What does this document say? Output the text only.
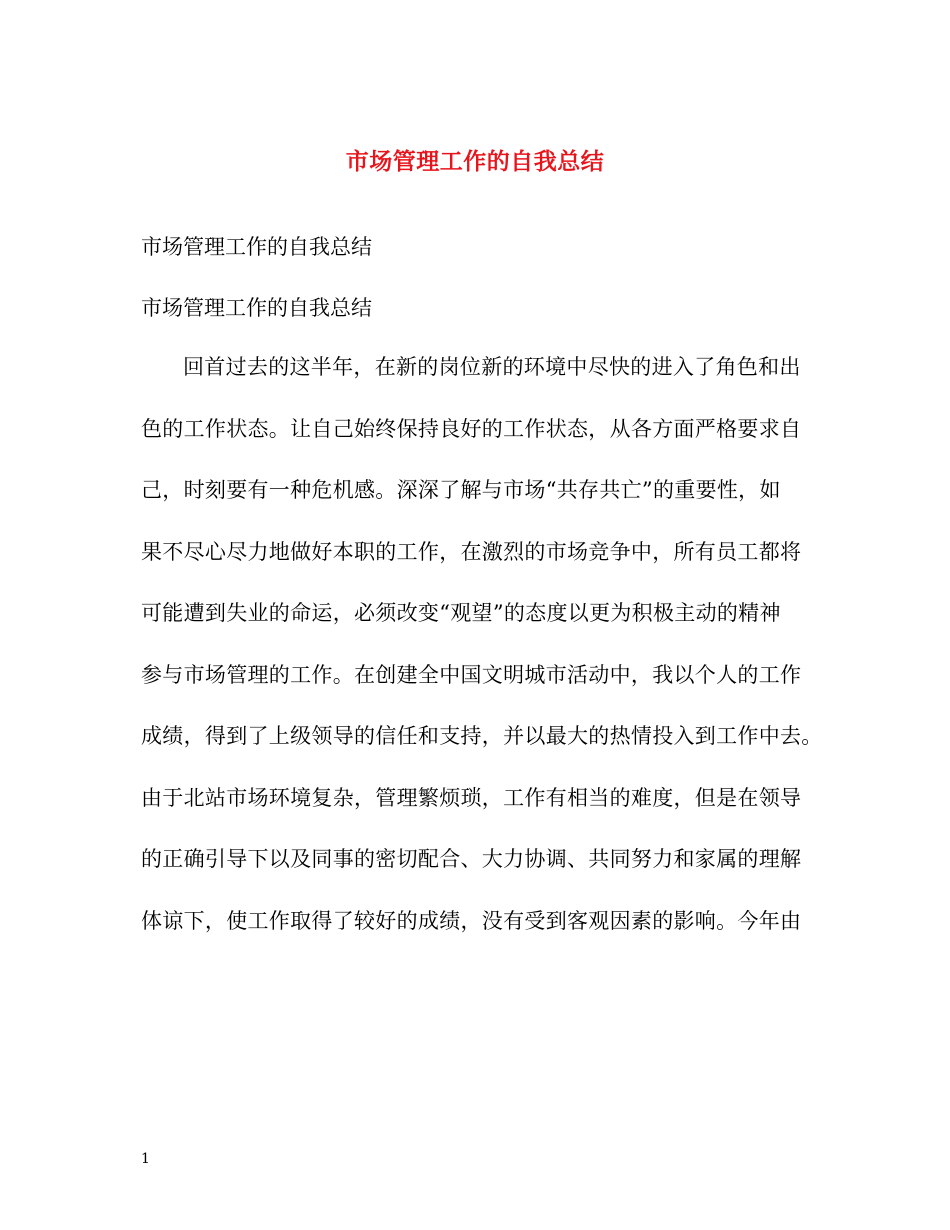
市场管理工作的自我总结
市场管理工作的自我总结
市场管理工作的自我总结
回首过去的这半年，在新的岗位新的环境中尽快的进入了角色和出
色的工作状态。让自己始终保持良好的工作状态，从各方面严格要求自
己，时刻要有一种危机感。深深了解与市场“共存共亡”的重要性，如
果不尽心尽力地做好本职的工作，在激烈的市场竞争中，所有员工都将
可能遭到失业的命运，必须改变“观望”的态度以更为积极主动的精神
参与市场管理的工作。在创建全中国文明城市活动中，我以个人的工作
成绩，得到了上级领导的信任和支持，并以最大的热情投入到工作中去。
由于北站市场环境复杂，管理繁烦琐，工作有相当的难度，但是在领导
的正确引导下以及同事的密切配合、大力协调、共同努力和家属的理解
体谅下，使工作取得了较好的成绩，没有受到客观因素的影响。今年由
1
